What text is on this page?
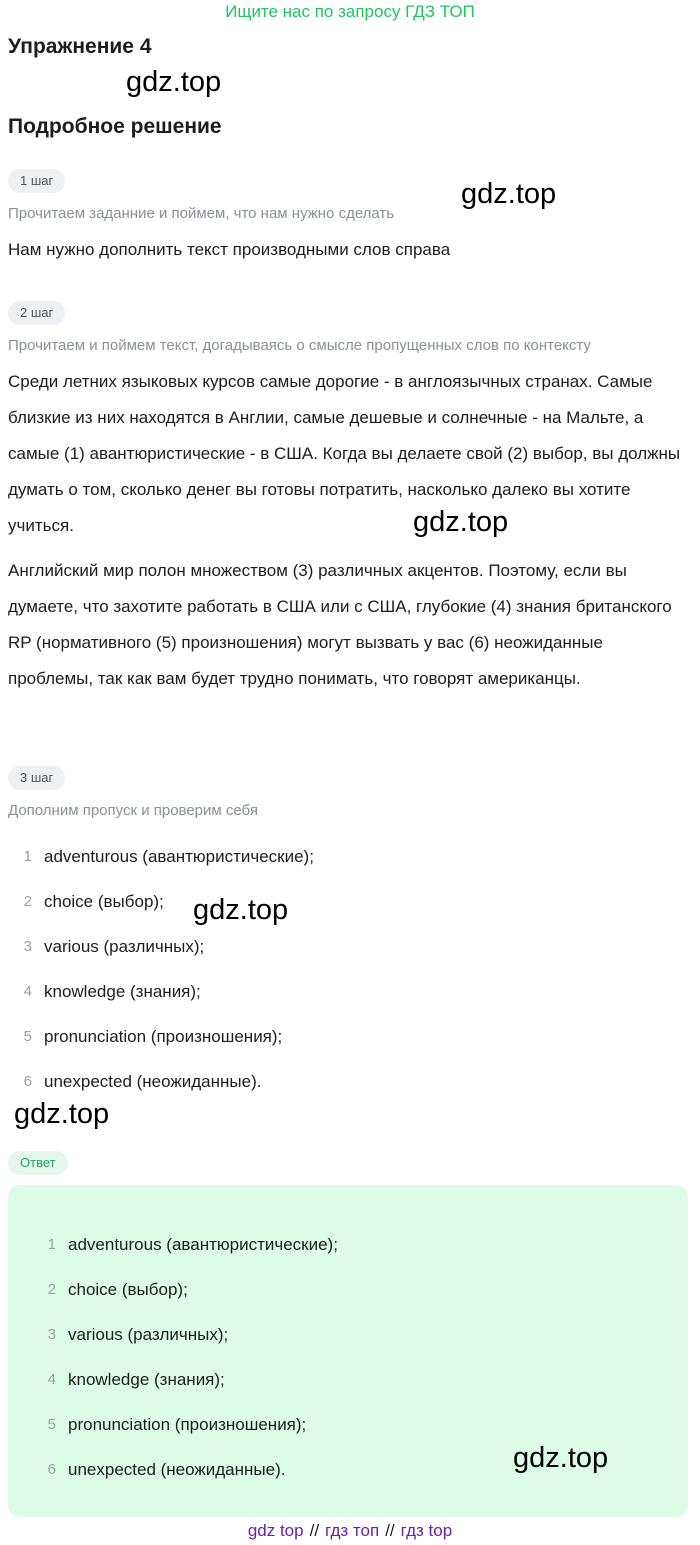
Ищите нас по запросу ГДЗ ТОП
Упражнение 4
gdz.top
Подробное решение
1 шаг
Прочитаем заданние и поймем, что нам нужно сделать
gdz.top
Нам нужно дополнить текст производными слов справа
2 шаг
Прочитаем и поймем текст, догадываясь о смысле пропущенных слов по контексту
Среди летних языковых курсов самые дорогие - в англоязычных странах. Самые близкие из них находятся в Англии, самые дешевые и солнечные - на Мальте, а самые (1) авантюристические - в США. Когда вы делаете свой (2) выбор, вы должны думать о том, сколько денег вы готовы потратить, насколько далеко вы хотите учиться.	gdz.top
Английский мир полон множеством (3) различных акцентов. Поэтому, если вы думаете, что захотите работать в США или с США, глубокие (4) знания британского RP (нормативного (5) произношения) могут вызвать у вас (6) неожиданные проблемы, так как вам будет трудно понимать, что говорят американцы.
3 шаг
Дополним пропуск и проверим себя
1 adventurous (авантюристические);
2 choice (выбор);
3 various (различных);
4 knowledge (знания);
5 pronunciation (произношения);
6 unexpected (неожиданные).
gdz.top
gdz.top
Ответ
1 adventurous (авантюристические);
2 choice (выбор);
3 various (различных);
4 knowledge (знания);
5 pronunciation (произношения);
6 unexpected (неожиданные).	gdz.top
gdz top // гдз топ // гдз top
